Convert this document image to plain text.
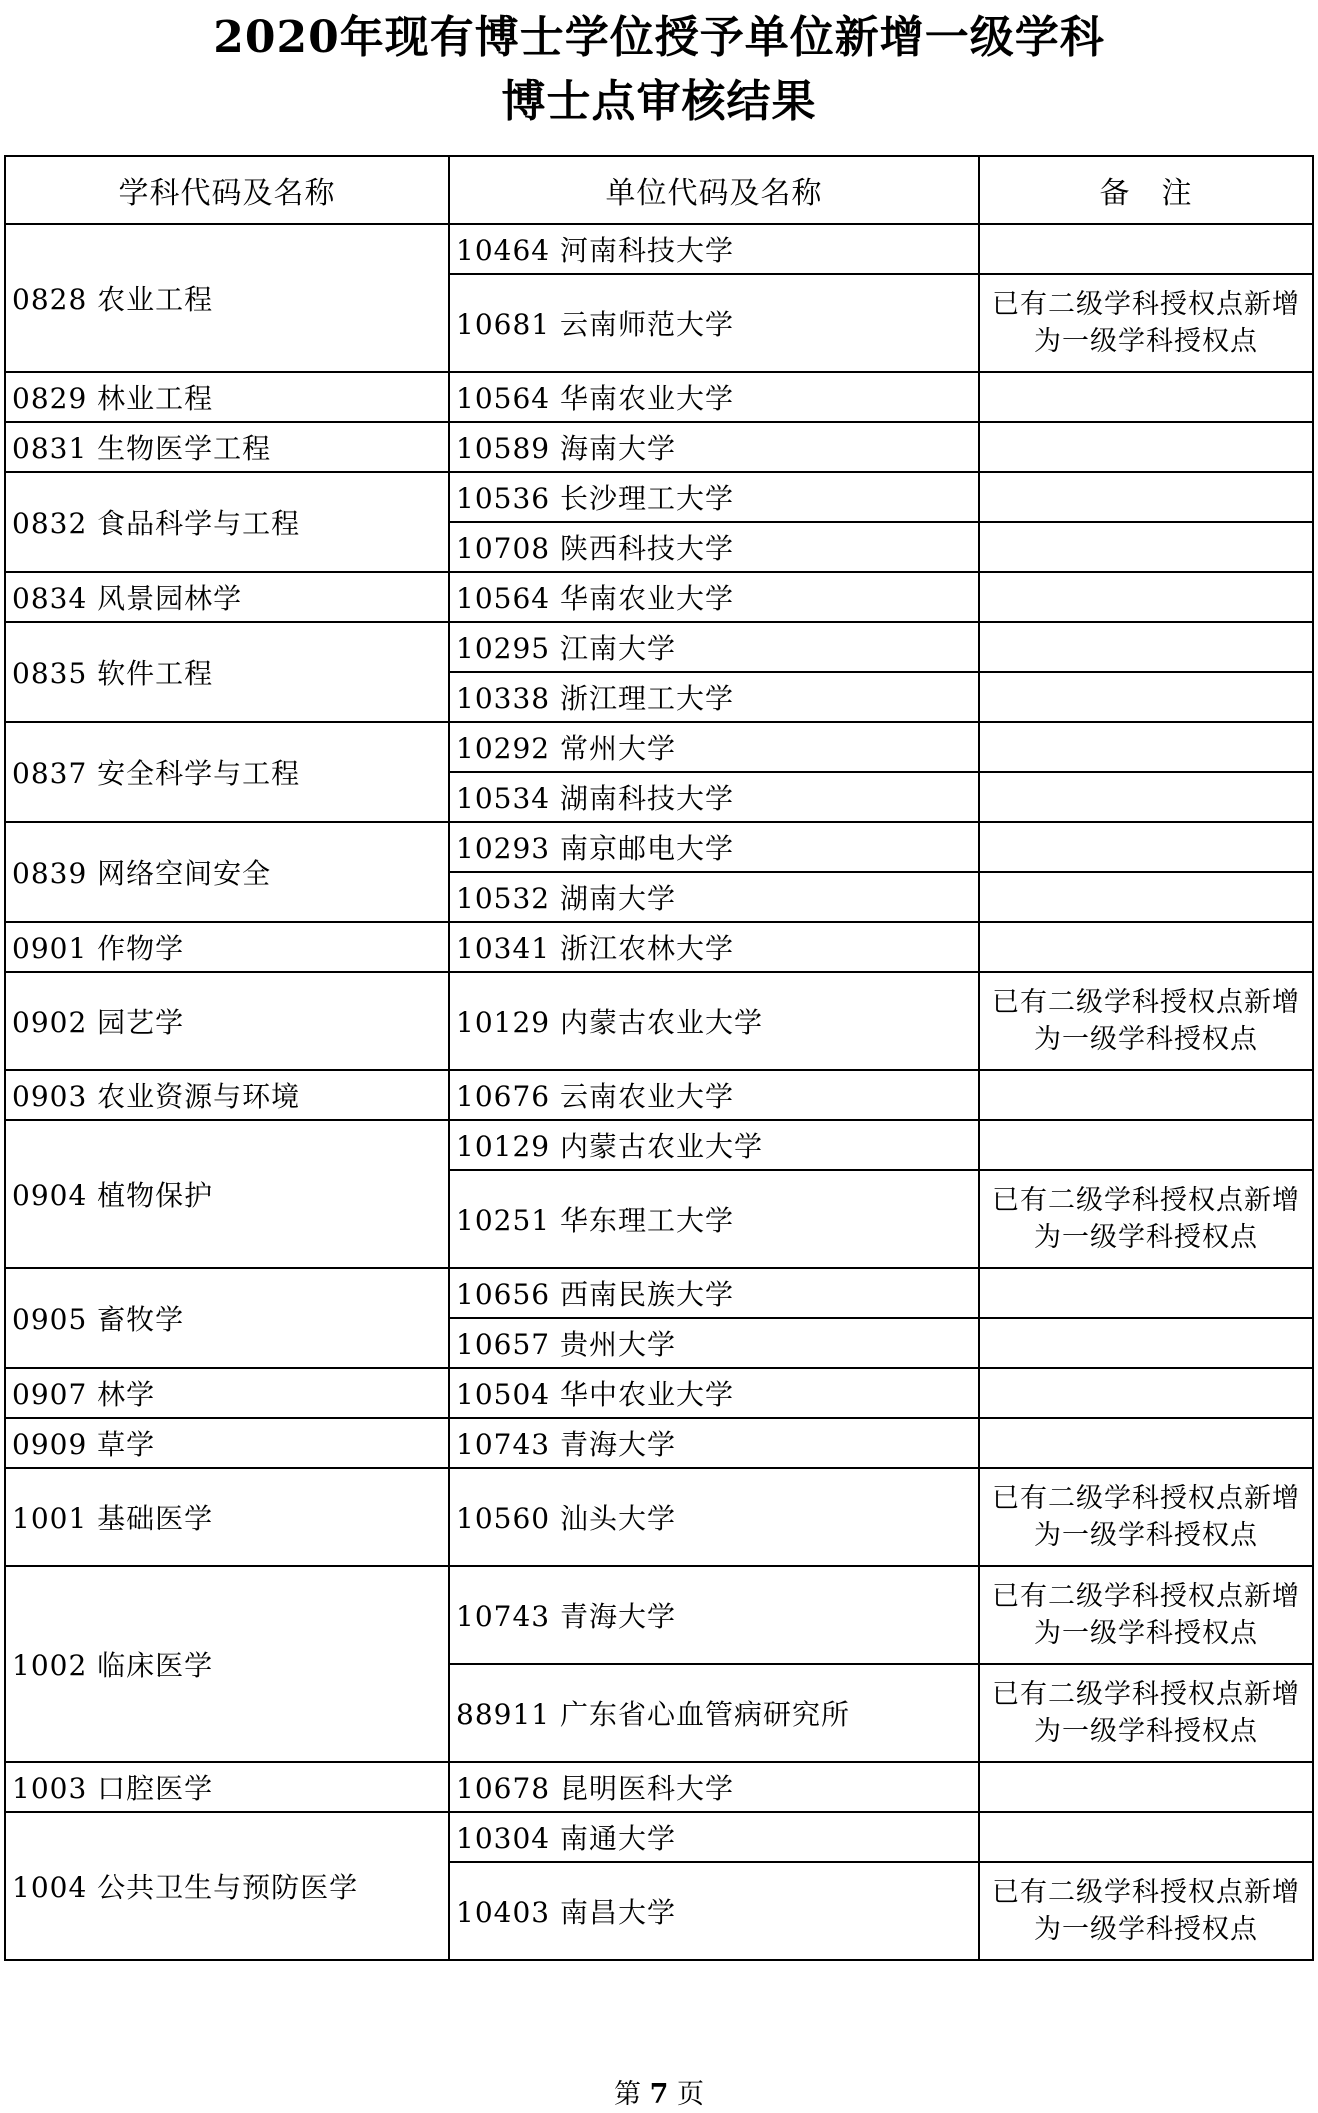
2020年现有博士学位授予单位新增一级学科
博士点审核结果
学科代码及名称	单位代码及名称	备　注
0828 农业工程	10464 河南科技大学	
	10681 云南师范大学	已有二级学科授权点新增为一级学科授权点
0829 林业工程	10564 华南农业大学	
0831 生物医学工程	10589 海南大学	
0832 食品科学与工程	10536 长沙理工大学	
	10708 陕西科技大学	
0834 风景园林学	10564 华南农业大学	
0835 软件工程	10295 江南大学	
	10338 浙江理工大学	
0837 安全科学与工程	10292 常州大学	
	10534 湖南科技大学	
0839 网络空间安全	10293 南京邮电大学	
	10532 湖南大学	
0901 作物学	10341 浙江农林大学	
0902 园艺学	10129 内蒙古农业大学	已有二级学科授权点新增为一级学科授权点
0903 农业资源与环境	10676 云南农业大学	
0904 植物保护	10129 内蒙古农业大学	
	10251 华东理工大学	已有二级学科授权点新增为一级学科授权点
0905 畜牧学	10656 西南民族大学	
	10657 贵州大学	
0907 林学	10504 华中农业大学	
0909 草学	10743 青海大学	
1001 基础医学	10560 汕头大学	已有二级学科授权点新增为一级学科授权点
1002 临床医学	10743 青海大学	已有二级学科授权点新增为一级学科授权点
	88911 广东省心血管病研究所	已有二级学科授权点新增为一级学科授权点
1003 口腔医学	10678 昆明医科大学	
1004 公共卫生与预防医学	10304 南通大学	
	10403 南昌大学	已有二级学科授权点新增为一级学科授权点
第 7 页
